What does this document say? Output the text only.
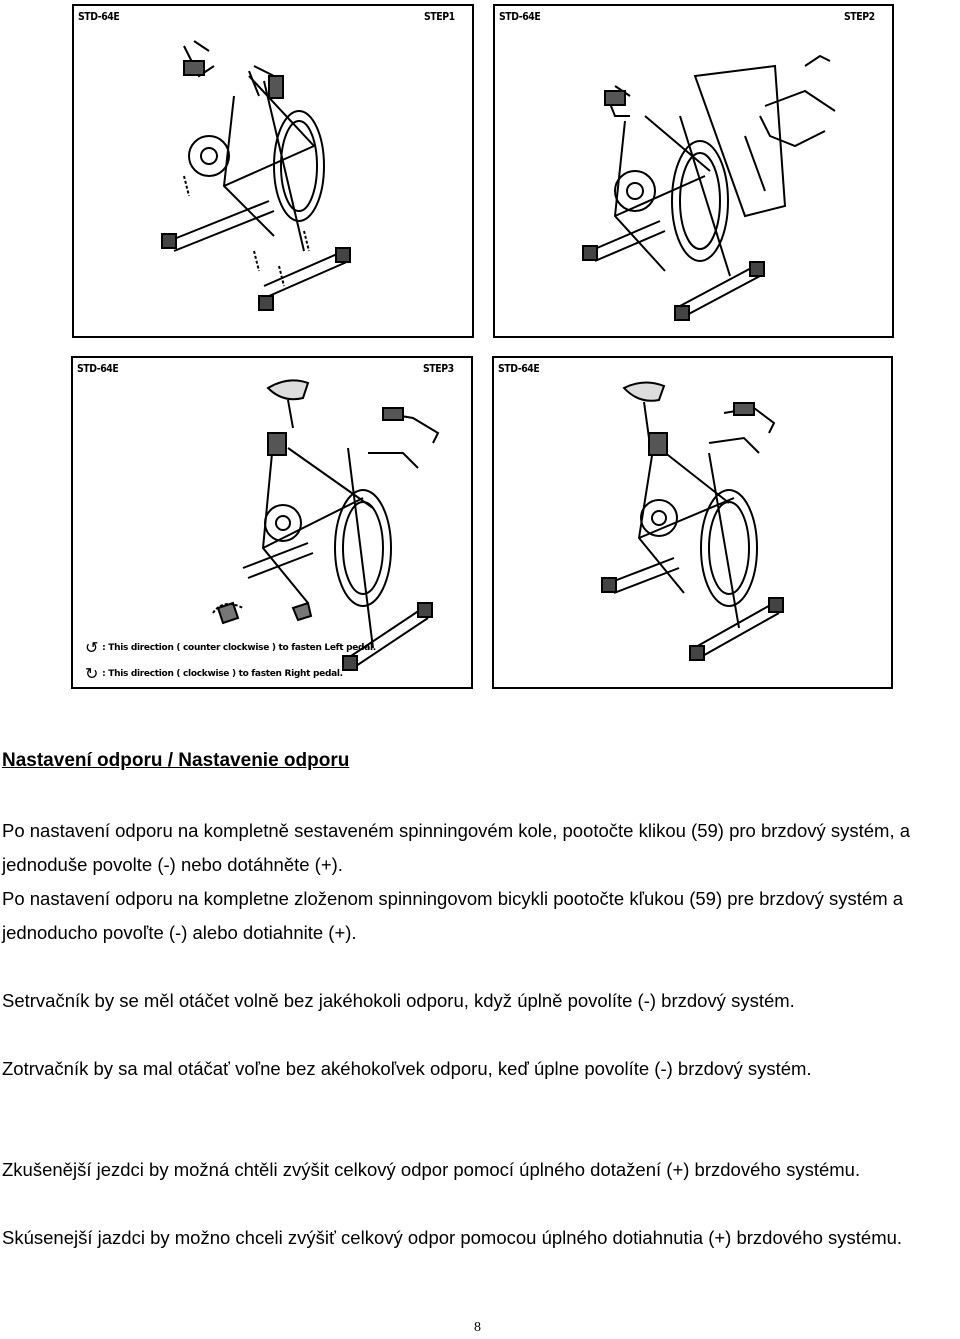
STD-64E	STEP1	STD-64E	STEP2
STD-64E	STEP3
↺ : This direction ( counter clockwise ) to fasten Left pedal.
↻ : This direction ( clockwise ) to fasten Right pedal.
STD-64E
Nastavení odporu / Nastavenie odporu

Po nastavení odporu na kompletně sestaveném spinningovém kole, pootočte klikou (59) pro brzdový systém, a jednoduše povolte (-) nebo dotáhněte (+).

Po nastavení odporu na kompletne zloženom spinningovom bicykli pootočte kľukou (59) pre brzdový systém a jednoducho povoľte (-) alebo dotiahnite (+).

Setrvačník by se měl otáčet volně bez jakéhokoli odporu, když úplně povolíte (-) brzdový systém.

Zotrvačník by sa mal otáčať voľne bez akéhokoľvek odporu, keď úplne povolíte (-) brzdový systém.

Zkušenější jezdci by možná chtěli zvýšit celkový odpor pomocí úplného dotažení (+) brzdového systému.

Skúsenejší jazdci by možno chceli zvýšiť celkový odpor pomocou úplného dotiahnutia (+) brzdového systému.

8
